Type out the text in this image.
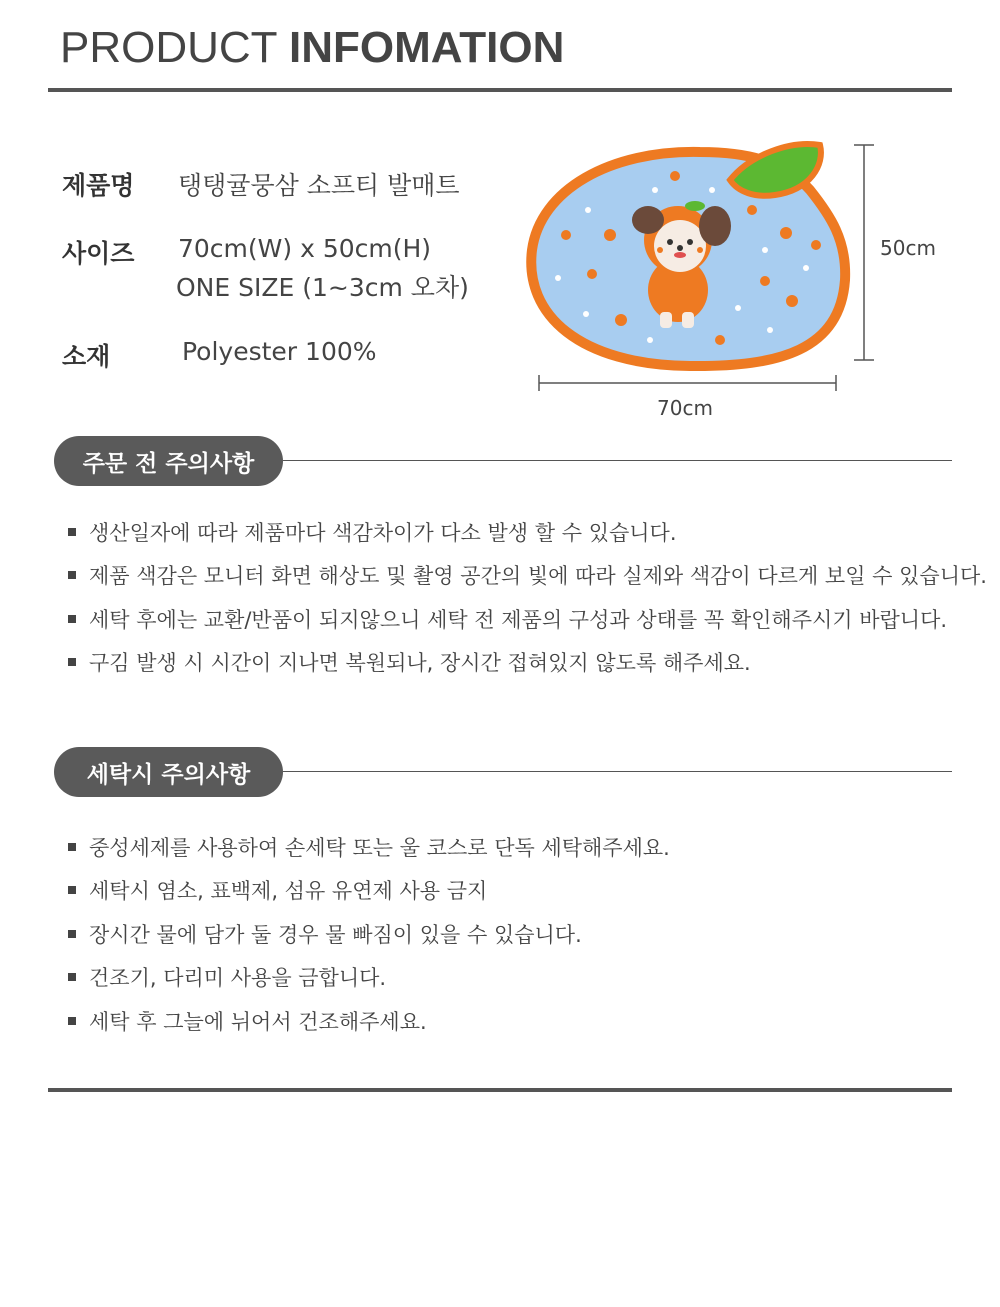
PRODUCT INFOMATION
제품명 탱탱귤뭉삼 소프티 발매트
사이즈 70cm(W) x 50cm(H)
ONE SIZE (1~3cm 오차)
소재	Polyester 100%
50cm
70cm
주문 전 주의사항
생산일자에 따라 제품마다 색감차이가 다소 발생 할 수 있습니다.
제품 색감은 모니터 화면 해상도 및 촬영 공간의 빛에 따라 실제와 색감이 다르게 보일 수 있습니다.
세탁 후에는 교환/반품이 되지않으니 세탁 전 제품의 구성과 상태를 꼭 확인해주시기 바랍니다.
구김 발생 시 시간이 지나면 복원되나, 장시간 접혀있지 않도록 해주세요.
세탁시 주의사항
중성세제를 사용하여 손세탁 또는 울 코스로 단독 세탁해주세요.
세탁시 염소, 표백제, 섬유 유연제 사용 금지
장시간 물에 담가 둘 경우 물 빠짐이 있을 수 있습니다.
건조기, 다리미 사용을 금합니다.
세탁 후 그늘에 뉘어서 건조해주세요.
